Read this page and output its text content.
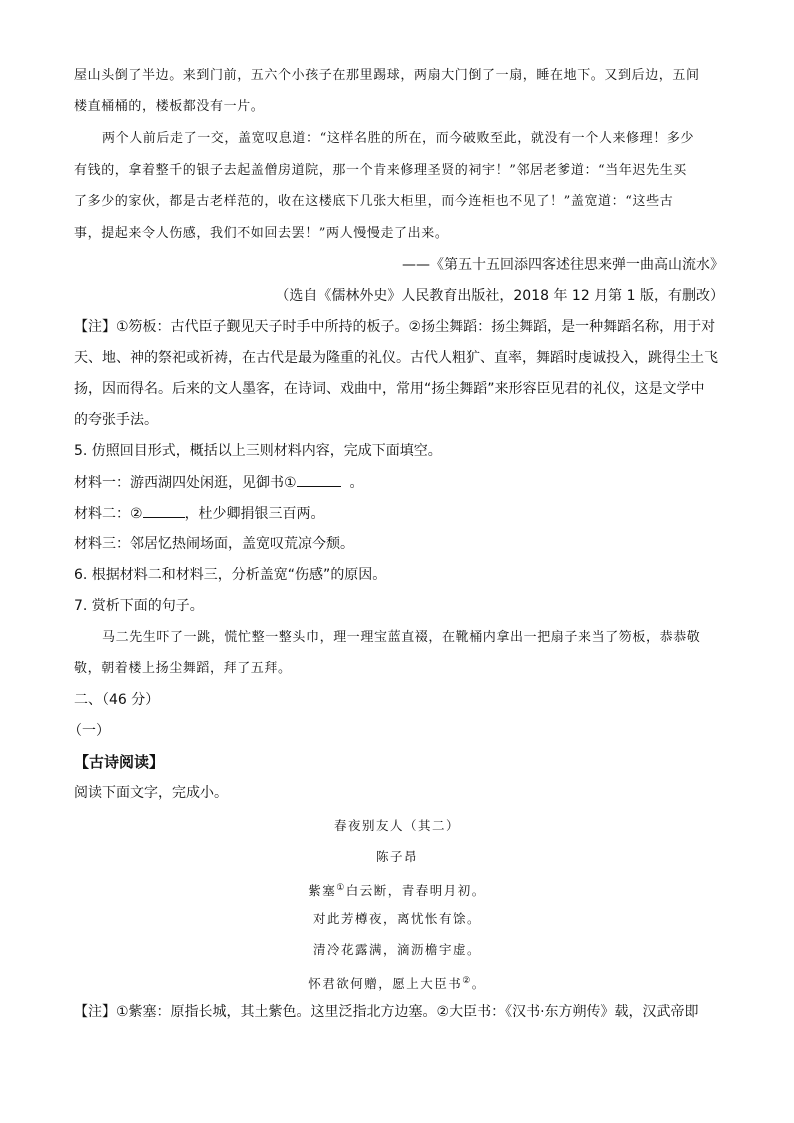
屋山头倒了半边。来到门前，五六个小孩子在那里踢球，两扇大门倒了一扇，睡在地下。又到后边，五间
楼直桶桶的，楼板都没有一片。
两个人前后走了一交，盖宽叹息道：“这样名胜的所在，而今破败至此，就没有一个人来修理！多少
有钱的，拿着整千的银子去起盖僧房道院，那一个肯来修理圣贤的祠宇！”邻居老爹道：“当年迟先生买
了多少的家伙，都是古老样范的，收在这楼底下几张大柜里，而今连柜也不见了！”盖宽道：“这些古
事，提起来令人伤感，我们不如回去罢！”两人慢慢走了出来。
——《第五十五回添四客述往思来弹一曲高山流水》
（选自《儒林外史》人民教育出版社，2018 年 12 月第 1 版，有删改）
【注】①笏板：古代臣子觐见天子时手中所持的板子。②扬尘舞蹈：扬尘舞蹈，是一种舞蹈名称，用于对
天、地、神的祭祀或祈祷，在古代是最为隆重的礼仪。古代人粗犷、直率，舞蹈时虔诚投入，跳得尘土飞
扬，因而得名。后来的文人墨客，在诗词、戏曲中，常用“扬尘舞蹈”来形容臣见君的礼仪，这是文学中
的夸张手法。
5. 仿照回目形式，概括以上三则材料内容，完成下面填空。
材料一：游西湖四处闲逛，见御书①	。
材料二：②	，杜少卿捐银三百两。
材料三：邻居忆热闹场面，盖宽叹荒凉今颓。
6. 根据材料二和材料三，分析盖宽“伤感”的原因。
7. 赏析下面的句子。
马二先生吓了一跳，慌忙整一整头巾，理一理宝蓝直裰，在靴桶内拿出一把扇子来当了笏板，恭恭敬
敬，朝着楼上扬尘舞蹈，拜了五拜。
二、（46 分）
（一）
【古诗阅读】
阅读下面文字，完成小。
春夜别友人（其二）
陈子昂
紫塞①白云断，青春明月初。
对此芳樽夜，离忧怅有馀。
清冷花露满，滴沥檐宇虚。
怀君欲何赠，愿上大臣书②。
【注】①紫塞：原指长城，其土紫色。这里泛指北方边塞。②大臣书：《汉书·东方朔传》载，汉武帝即
